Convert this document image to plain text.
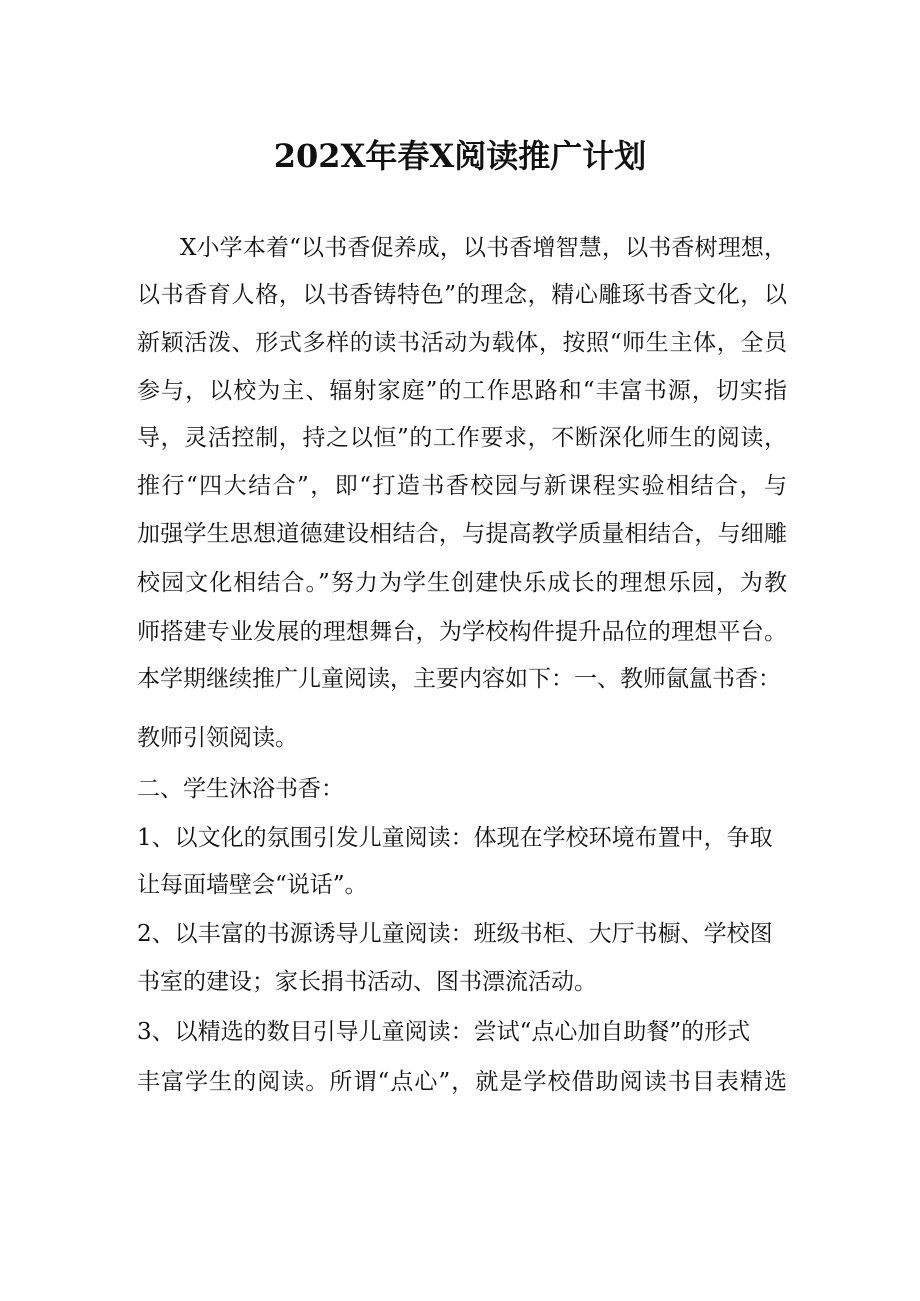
202X年春X阅读推广计划

X小学本着“以书香促养成，以书香增智慧，以书香树理想，

以书香育人格，以书香铸特色”的理念，精心雕琢书香文化，以

新颖活泼、形式多样的读书活动为载体，按照“师生主体，全员

参与，以校为主、辐射家庭”的工作思路和“丰富书源，切实指

导，灵活控制，持之以恒”的工作要求，不断深化师生的阅读，

推行“四大结合”，即“打造书香校园与新课程实验相结合，与

加强学生思想道德建设相结合，与提高教学质量相结合，与细雕

校园文化相结合。”努力为学生创建快乐成长的理想乐园，为教

师搭建专业发展的理想舞台，为学校构件提升品位的理想平台。

本学期继续推广儿童阅读，主要内容如下：一、教师氤氲书香：

教师引领阅读。

二、学生沐浴书香：

1、以文化的氛围引发儿童阅读：体现在学校环境布置中，争取

让每面墙壁会“说话”。

2、以丰富的书源诱导儿童阅读：班级书柜、大厅书橱、学校图

书室的建设；家长捐书活动、图书漂流活动。

3、以精选的数目引导儿童阅读：尝试“点心加自助餐”的形式

丰富学生的阅读。所谓“点心”，就是学校借助阅读书目表精选
